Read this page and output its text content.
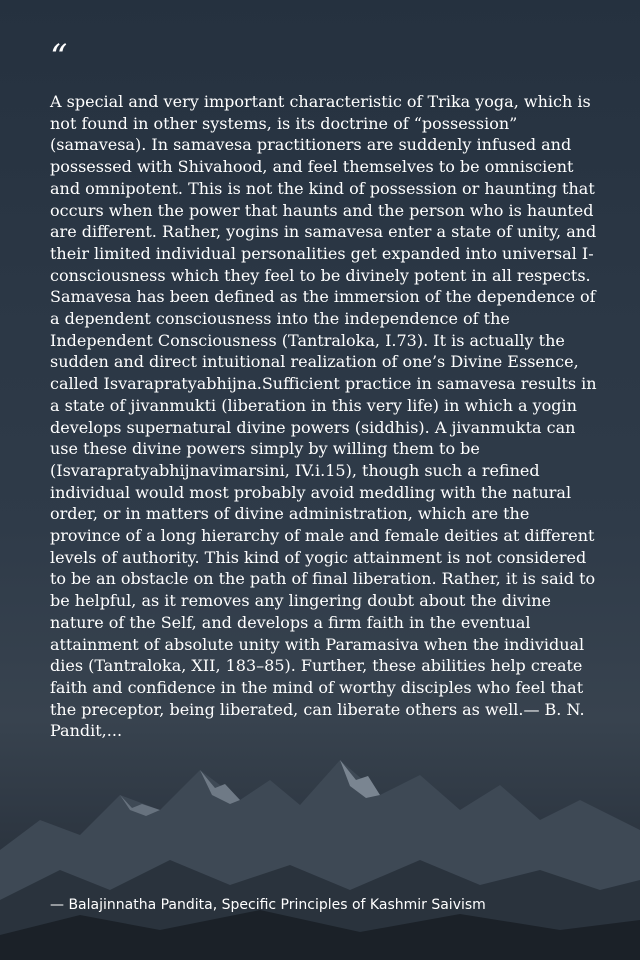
“

A special and very important characteristic of Trika yoga, which is not found in other systems, is its doctrine of “possession” (samavesa). In samavesa practitioners are suddenly infused and possessed with Shivahood, and feel themselves to be omniscient and omnipotent. This is not the kind of possession or haunting that occurs when the power that haunts and the person who is haunted are different. Rather, yogins in samavesa enter a state of unity, and their limited individual personalities get expanded into universal I-consciousness which they feel to be divinely potent in all respects. Samavesa has been defined as the immersion of the dependence of a dependent consciousness into the independence of the Independent Consciousness (Tantraloka, I.73). It is actually the sudden and direct intuitional realization of one’s Divine Essence, called Isvarapratyabhijna.Sufficient practice in samavesa results in a state of jivanmukti (liberation in this very life) in which a yogin develops supernatural divine powers (siddhis). A jivanmukta can use these divine powers simply by willing them to be (Isvarapratyabhijnavimarsini, IV.i.15), though such a refined individual would most probably avoid meddling with the natural order, or in matters of divine administration, which are the province of a long hierarchy of male and female deities at different levels of authority. This kind of yogic attainment is not considered to be an obstacle on the path of final liberation. Rather, it is said to be helpful, as it removes any lingering doubt about the divine nature of the Self, and develops a firm faith in the eventual attainment of absolute unity with Paramasiva when the individual dies (Tantraloka, XII, 183–85). Further, these abilities help create faith and confidence in the mind of worthy disciples who feel that the preceptor, being liberated, can liberate others as well.— B. N. Pandit,...

— Balajinnatha Pandita, Specific Principles of Kashmir Saivism
